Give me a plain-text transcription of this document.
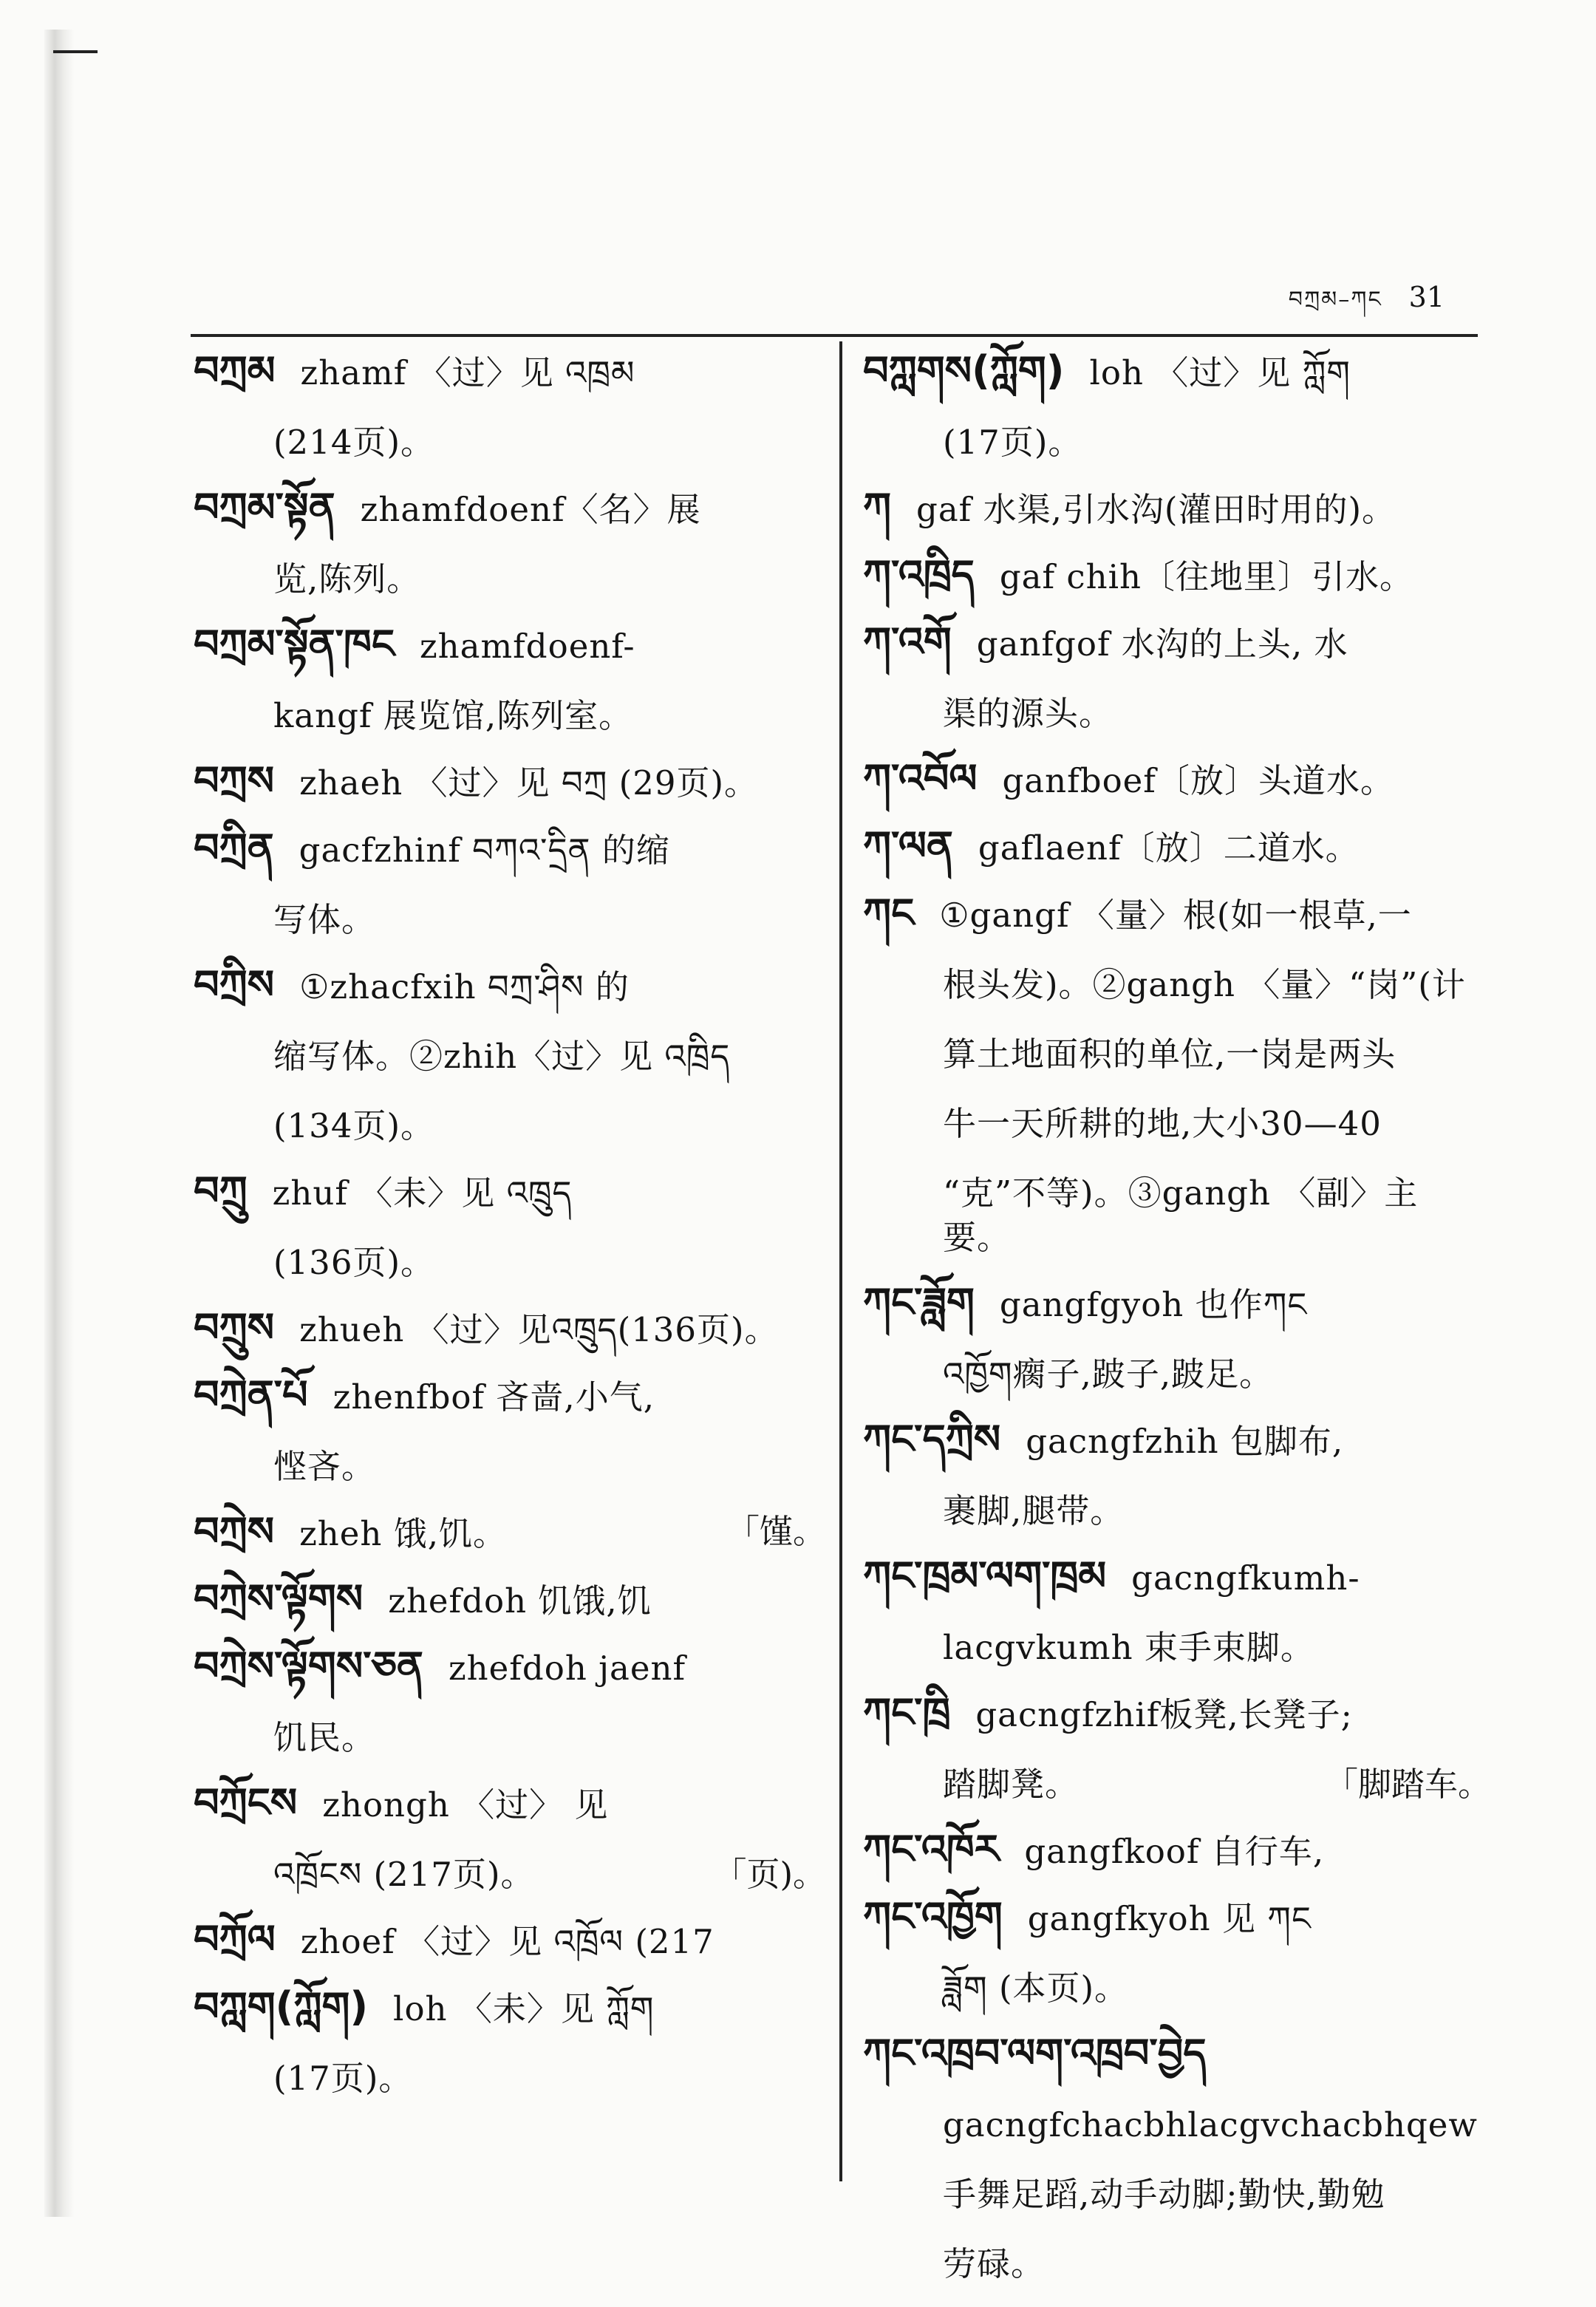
བཀྲམ–ཀང 31

བཀྲམ zhamf 〈过〉见 འཁྲམ

(214页)。

བཀྲམ་སྟོན zhamfdoenf〈名〉展

览,陈列。

བཀྲམ་སྟོན་ཁང zhamfdoenf-

kangf 展览馆,陈列室。

བཀྲས zhaeh 〈过〉见 བཀྲ (29页)。

བཀྲིན gacfzhinf བཀའ་དྲིན 的缩

写体。

བཀྲིས ①zhacfxih བཀྲ་ཤིས 的

缩写体。②zhih〈过〉见 འཁྲིད

(134页)。

བཀྲུ zhuf 〈未〉见 འཁྲུད

(136页)。

བཀྲུས zhueh 〈过〉见འཁྲུད(136页)。

བཀྲེན་པོ zhenfbof 吝啬,小气,

悭吝。

བཀྲེས zheh 饿,饥。	「馑。

བཀྲེས་ལྟོགས zhefdoh 饥饿,饥

བཀྲེས་ལྟོགས་ཅན zhefdoh jaenf

饥民。

བཀྲོངས zhongh 〈过〉 见

འཁྲོངས (217页)。	「页)。

བཀྲོལ zhoef 〈过〉见 འཁྲོལ (217

བཀླག(ཀློག) loh 〈未〉见 ཀློག

(17页)。

བཀླགས(ཀློག) loh 〈过〉见 ཀློག

(17页)。

ཀ gaf 水渠,引水沟(灌田时用的)。

ཀ་འཁྲིད gaf chih〔往地里〕引水。

ཀ་འགོ ganfgof 水沟的上头, 水

渠的源头。

ཀ་འབོལ ganfboef〔放〕头道水。

ཀ་ལན gaflaenf〔放〕二道水。

ཀང ①gangf 〈量〉根(如一根草,一

根头发)。②gangh 〈量〉“岗”(计

算土地面积的单位,一岗是两头

牛一天所耕的地,大小30—40

“克”不等)。③gangh 〈副〉主要。

ཀང་ཟློག gangfgyoh 也作ཀང

འཁྱོག瘸子,跛子,跛足。

ཀང་དཀྲིས gacngfzhih 包脚布,

裹脚,腿带。

ཀང་ཁྲམ་ལག་ཁྲམ gacngfkumh-

lacgvkumh 束手束脚。

ཀང་ཁྲི gacngfzhif板凳,长凳子;

踏脚凳。	「脚踏车。

ཀང་འཁོར gangfkoof 自行车,

ཀང་འཁྱོག gangfkyoh 见 ཀང

ཟློག (本页)。

ཀང་འཁྲབ་ལག་འཁྲབ་བྱེད

gacngfchacbhlacgvchacbhqew

手舞足蹈,动手动脚;勤快,勤勉

劳碌。
